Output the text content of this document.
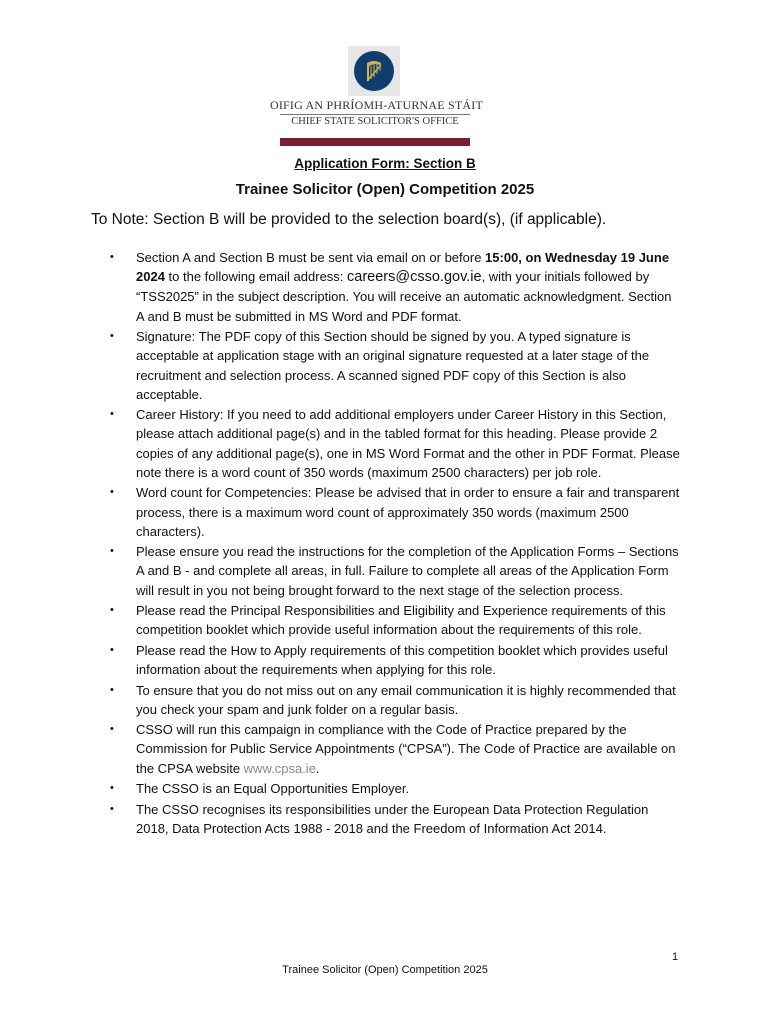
OIFIG AN PHRÍOMH-ATURNAE STÁIT
CHIEF STATE SOLICITOR'S OFFICE
Application Form: Section B
Trainee Solicitor (Open) Competition 2025
To Note: Section B will be provided to the selection board(s), (if applicable).
• Section A and Section B must be sent via email on or before 15:00, on Wednesday 19 June 2024 to the following email address: careers@csso.gov.ie, with your initials followed by “TSS2025” in the subject description. You will receive an automatic acknowledgment. Section A and B must be submitted in MS Word and PDF format.
• Signature: The PDF copy of this Section should be signed by you. A typed signature is acceptable at application stage with an original signature requested at a later stage of the recruitment and selection process. A scanned signed PDF copy of this Section is also acceptable.
• Career History: If you need to add additional employers under Career History in this Section, please attach additional page(s) and in the tabled format for this heading. Please provide 2 copies of any additional page(s), one in MS Word Format and the other in PDF Format. Please note there is a word count of 350 words (maximum 2500 characters) per job role.
• Word count for Competencies: Please be advised that in order to ensure a fair and transparent process, there is a maximum word count of approximately 350 words (maximum 2500 characters).
• Please ensure you read the instructions for the completion of the Application Forms – Sections A and B - and complete all areas, in full. Failure to complete all areas of the Application Form will result in you not being brought forward to the next stage of the selection process.
• Please read the Principal Responsibilities and Eligibility and Experience requirements of this competition booklet which provide useful information about the requirements of this role.
• Please read the How to Apply requirements of this competition booklet which provides useful information about the requirements when applying for this role.
• To ensure that you do not miss out on any email communication it is highly recommended that you check your spam and junk folder on a regular basis.
• CSSO will run this campaign in compliance with the Code of Practice prepared by the Commission for Public Service Appointments (“CPSA”). The Code of Practice are available on the CPSA website www.cpsa.ie.
• The CSSO is an Equal Opportunities Employer.
• The CSSO recognises its responsibilities under the European Data Protection Regulation 2018, Data Protection Acts 1988 - 2018 and the Freedom of Information Act 2014.
1
Trainee Solicitor (Open) Competition 2025
